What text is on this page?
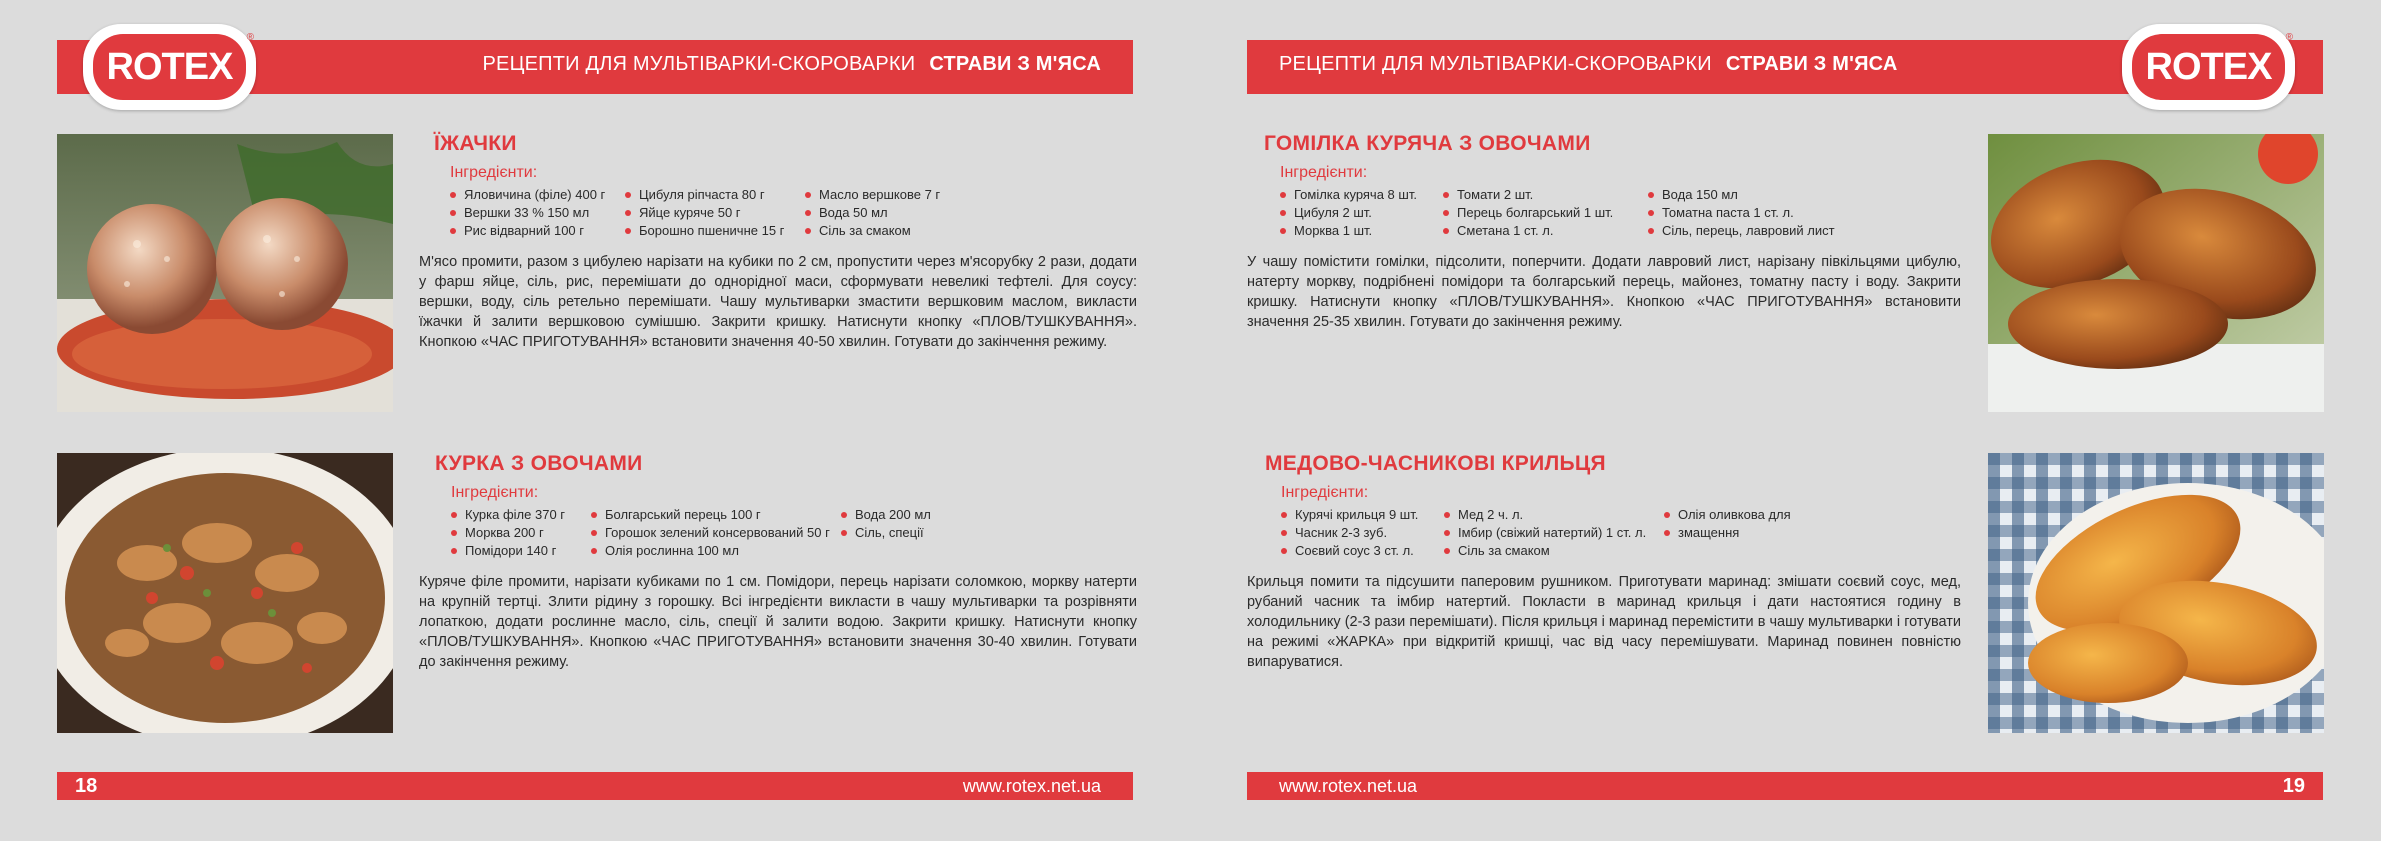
РЕЦЕПТИ ДЛЯ МУЛЬТІВАРКИ-СКОРОВАРКИ СТРАВИ З М'ЯСА
ROTEX
®
ЇЖАЧКИ
Інгредієнти:
Яловичина (філе) 400 г
Вершки 33 % 150 мл
Рис відварний 100 г
Цибуля ріпчаста 80 г
Яйце куряче 50 г
Борошно пшеничне 15 г
Масло вершкове 7 г
Вода 50 мл
Сіль за смаком

М'ясо промити, разом з цибулею нарізати на кубики по 2 см, пропустити через м'ясорубку 2 рази, додати у фарш яйце, сіль, рис, перемішати до однорідної маси, сформувати невеликі тефтелі. Для соусу: вершки, воду, сіль ретельно перемішати. Чашу мультиварки змастити вершковим маслом, викласти їжачки й залити вершковою сумішшю. Закрити кришку. Натиснути кнопку «ПЛОВ/ТУШКУВАННЯ». Кнопкою «ЧАС ПРИГОТУВАННЯ» встановити значення 40-50 хвилин. Готувати до закінчення режиму.

КУРКА З ОВОЧАМИ
Інгредієнти:
Курка філе 370 г
Морква 200 г
Помідори 140 г
Болгарський перець 100 г
Горошок зелений консервований 50 г
Олія рослинна 100 мл
Вода 200 мл
Сіль, спеції

Куряче філе промити, нарізати кубиками по 1 см. Помідори, перець нарізати соломкою, моркву натерти на крупній тертці. Злити рідину з горошку. Всі інгредієнти викласти в чашу мультиварки та розрівняти лопаткою, додати рослинне масло, сіль, спеції й залити водою. Закрити кришку. Натиснути кнопку «ПЛОВ/ТУШКУВАННЯ». Кнопкою «ЧАС ПРИГОТУВАННЯ» встановити значення 30-40 хвилин. Готувати до закінчення режиму.

18	www.rotex.net.ua
РЕЦЕПТИ ДЛЯ МУЛЬТІВАРКИ-СКОРОВАРКИ СТРАВИ З М'ЯСА	ROTEX
®
ГОМІЛКА КУРЯЧА З ОВОЧАМИ
Інгредієнти:
Гомілка куряча 8 шт.
Цибуля 2 шт.
Морква 1 шт.
Томати 2 шт.
Перець болгарський 1 шт.
Сметана 1 ст. л.
Вода 150 мл
Томатна паста 1 ст. л.
Сіль, перець, лавровий лист

У чашу помістити гомілки, підсолити, поперчити. Додати лавровий лист, нарізану півкільцями цибулю, натерту моркву, подрібнені помідори та болгарський перець, майонез, томатну пасту і воду. Закрити кришку. Натиснути кнопку «ПЛОВ/ТУШКУВАННЯ». Кнопкою «ЧАС ПРИГОТУВАННЯ» встановити значення 25-35 хвилин. Готувати до закінчення режиму.

МЕДОВО-ЧАСНИКОВІ КРИЛЬЦЯ
Інгредієнти:
Курячі крильця 9 шт.
Часник 2-3 зуб.
Соєвий соус 3 ст. л.
Мед 2 ч. л.
Імбир (свіжий натертий) 1 ст. л.
Сіль за смаком
Олія оливкова для
змащення

Крильця помити та підсушити паперовим рушником. Приготувати маринад: змішати соєвий соус, мед, рубаний часник та імбир натертий. Покласти в маринад крильця і дати настоятися годину в холодильнику (2-3 рази перемішати). Після крильця і маринад перемістити в чашу мультиварки і готувати на режимі «ЖАРКА» при відкритій кришці, час від часу перемішувати. Маринад повинен повністю випаруватися.

www.rotex.net.ua	19
